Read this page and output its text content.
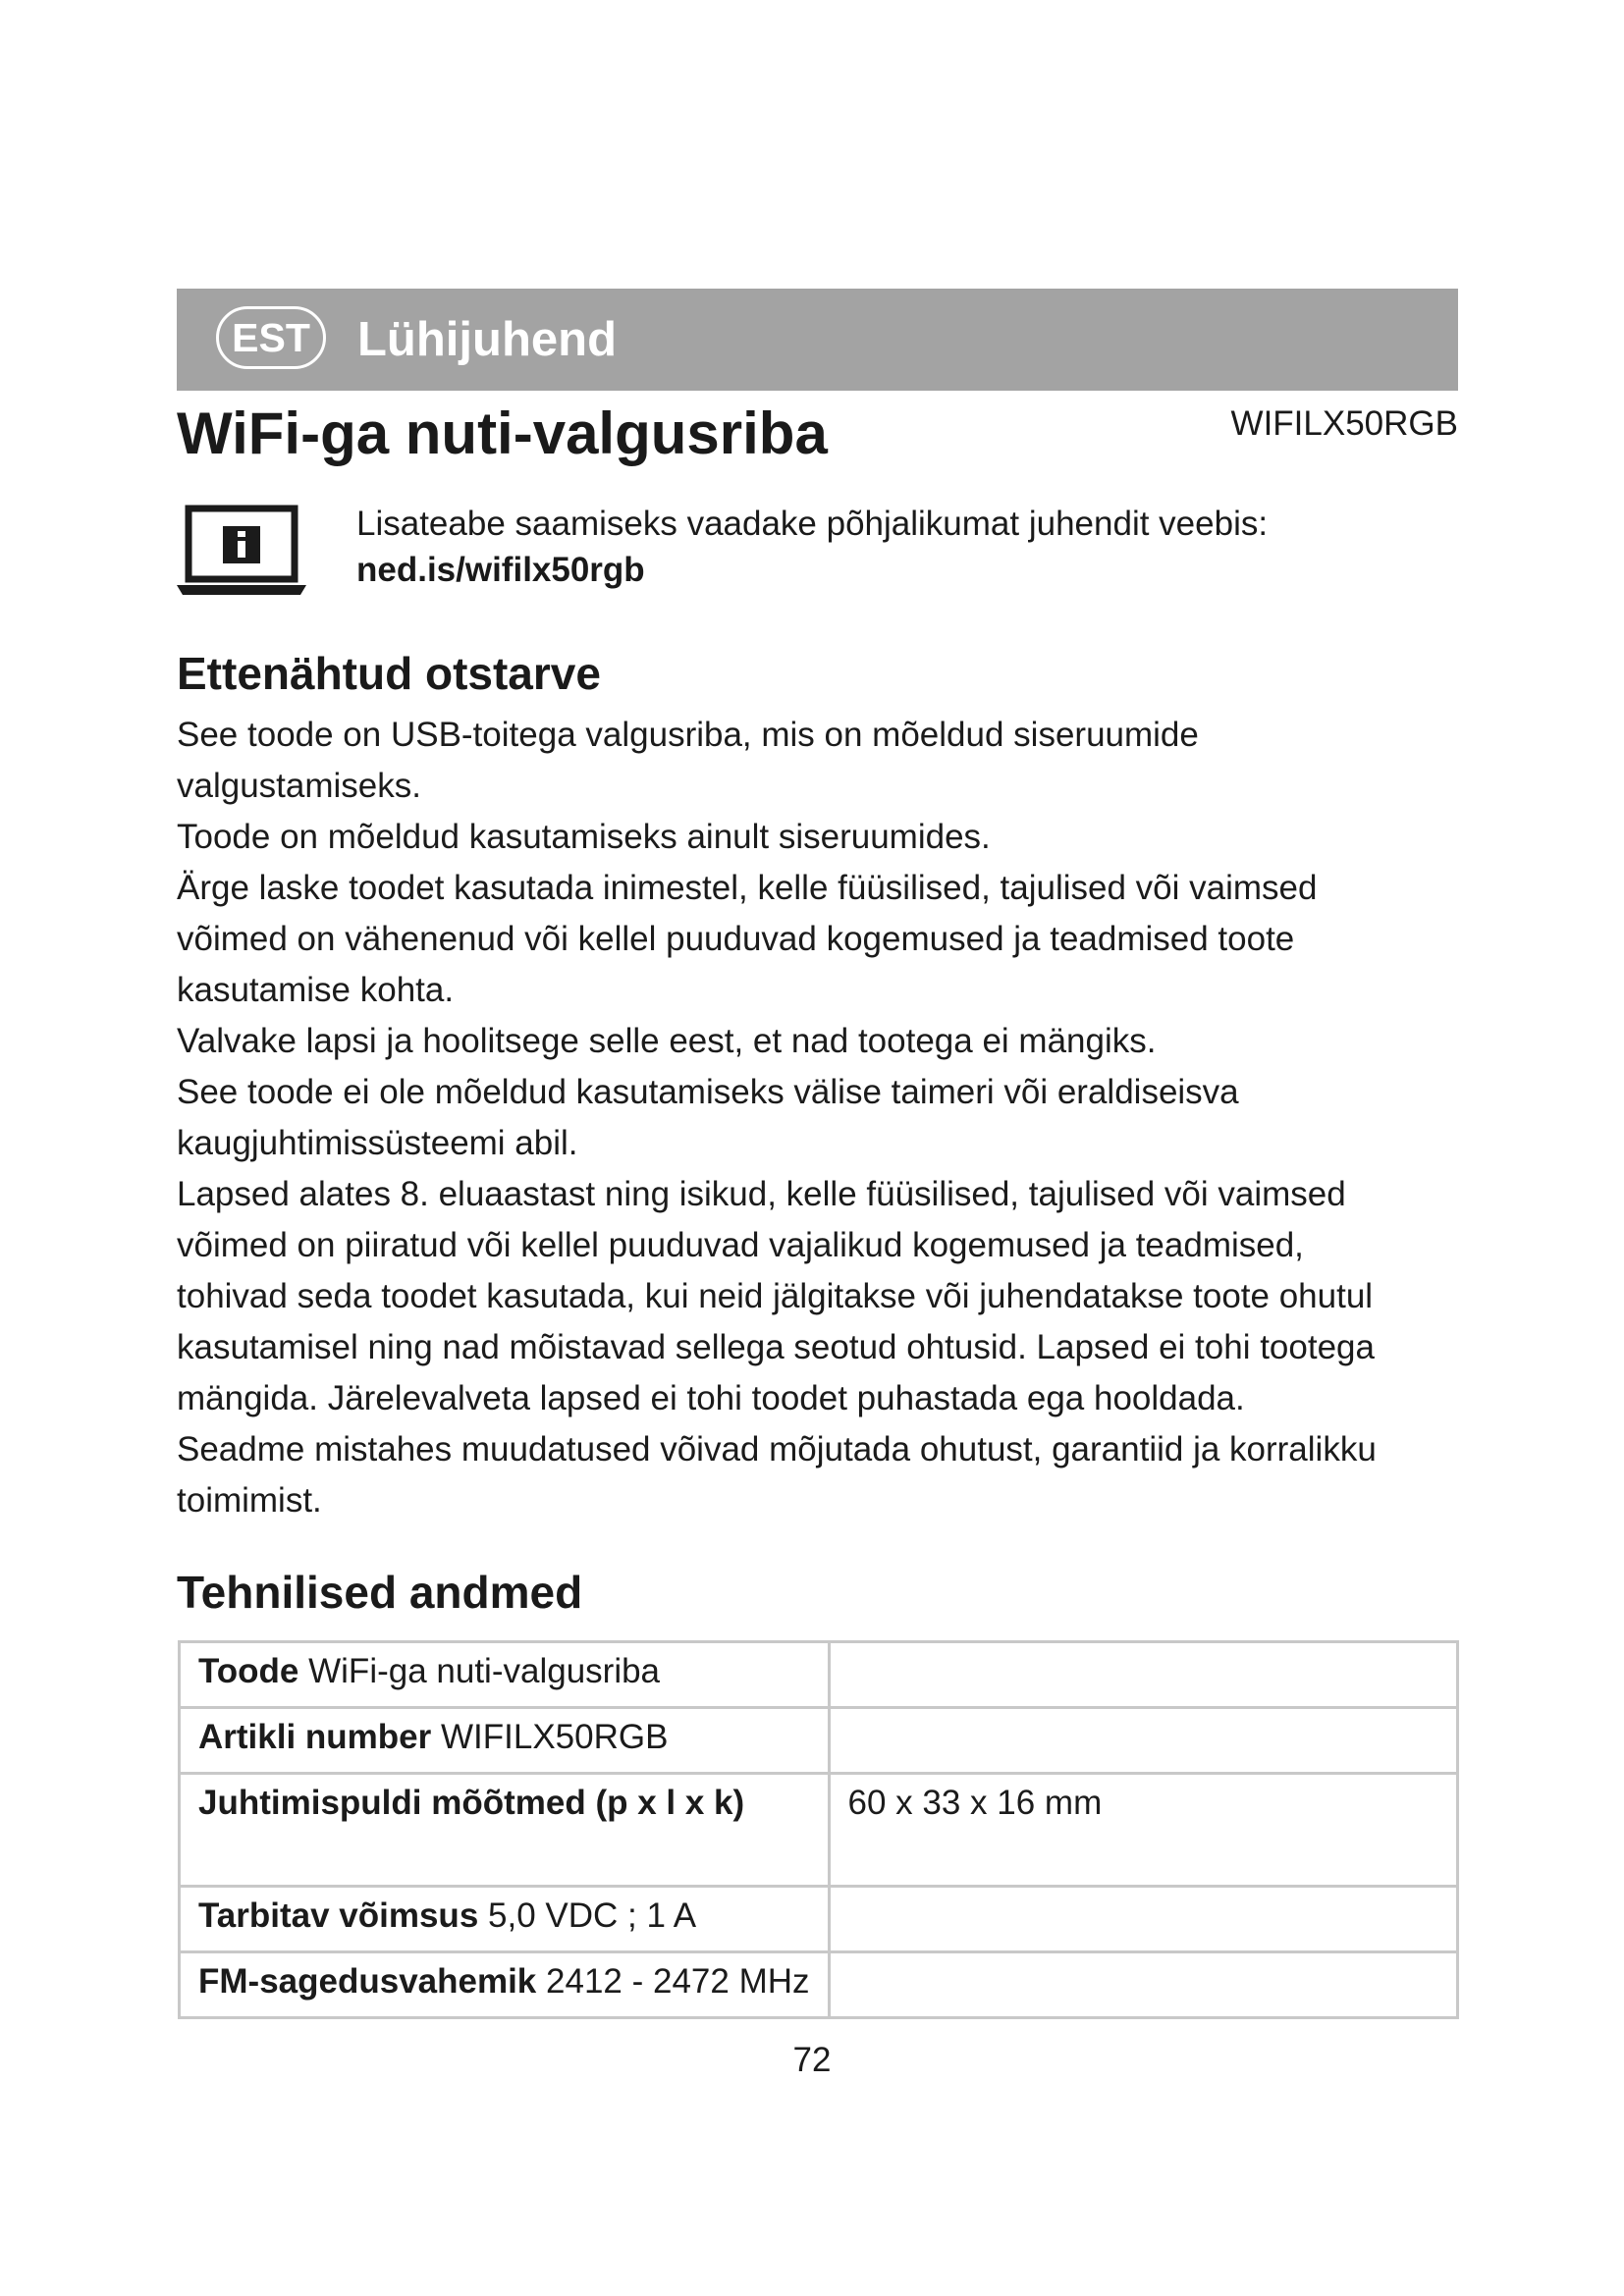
EST Lühijuhend
WiFi-ga nuti-valgusriba	WIFILX50RGB
Lisateabe saamiseks vaadake põhjalikumat juhendit veebis:
ned.is/wifilx50rgb
Ettenähtud otstarve

See toode on USB-toitega valgusriba, mis on mõeldud siseruumide

valgustamiseks.

Toode on mõeldud kasutamiseks ainult siseruumides.

Ärge laske toodet kasutada inimestel, kelle füüsilised, tajulised või vaimsed

võimed on vähenenud või kellel puuduvad kogemused ja teadmised toote

kasutamise kohta.

Valvake lapsi ja hoolitsege selle eest, et nad tootega ei mängiks.

See toode ei ole mõeldud kasutamiseks välise taimeri või eraldiseisva

kaugjuhtimissüsteemi abil.

Lapsed alates 8. eluaastast ning isikud, kelle füüsilised, tajulised või vaimsed

võimed on piiratud või kellel puuduvad vajalikud kogemused ja teadmised,

tohivad seda toodet kasutada, kui neid jälgitakse või juhendatakse toote ohutul

kasutamisel ning nad mõistavad sellega seotud ohtusid. Lapsed ei tohi tootega

mängida. Järelevalveta lapsed ei tohi toodet puhastada ega hooldada.

Seadme mistahes muudatused võivad mõjutada ohutust, garantiid ja korralikku

toimimist.

Tehnilised andmed
Toode WiFi-ga nuti-valgusriba	
Artikli number WIFILX50RGB	
Juhtimispuldi mõõtmed (p x l x k)	60 x 33 x 16 mm
Tarbitav võimsus 5,0 VDC ; 1 A	

FM-sagedusvahemik 2412 - 2472 MHz	

72
